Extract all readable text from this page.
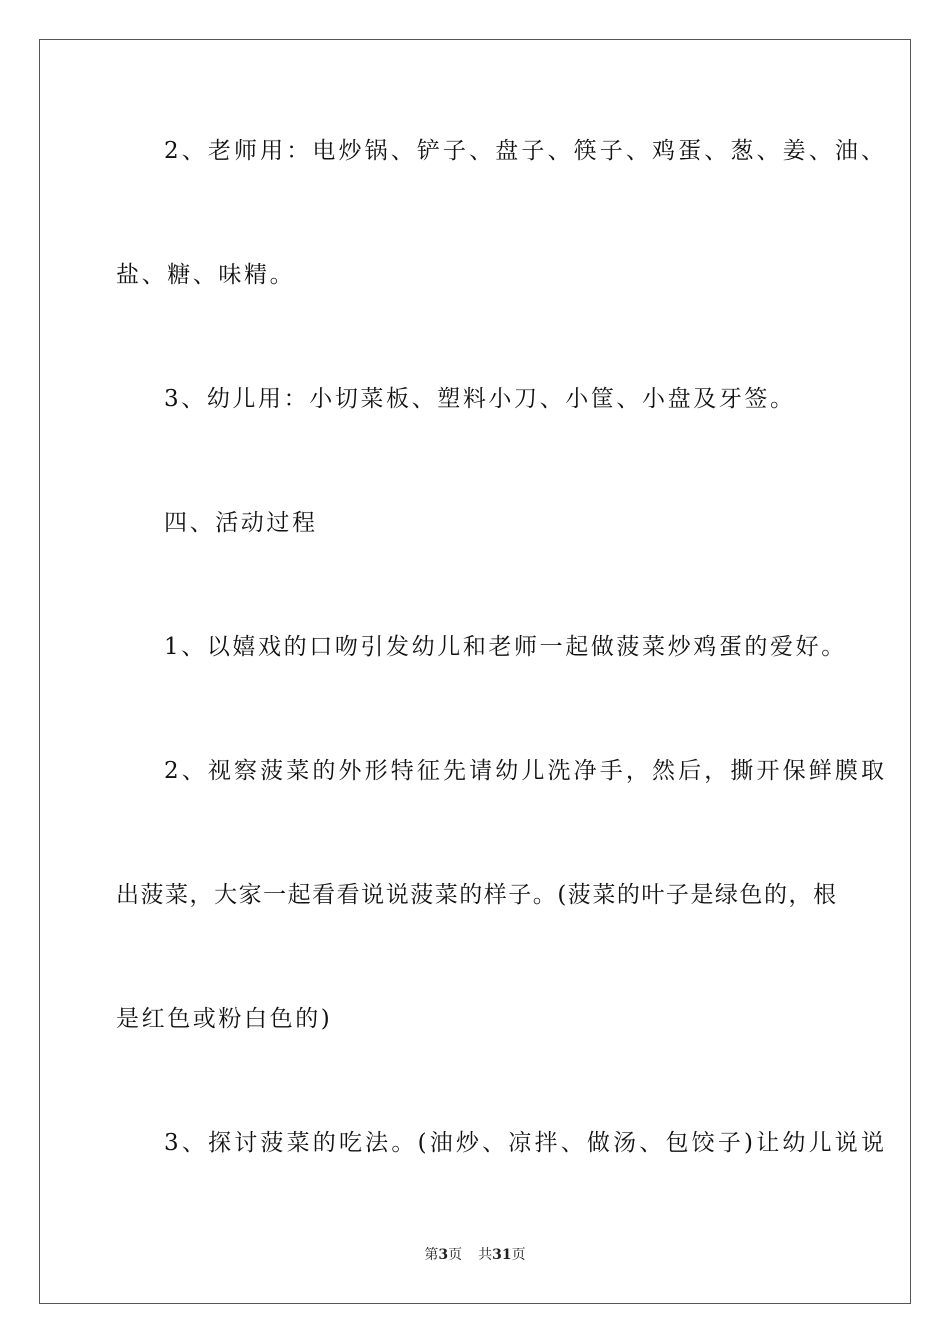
2、老师用：电炒锅、铲子、盘子、筷子、鸡蛋、葱、姜、油、
盐、糖、味精。
3、幼儿用：小切菜板、塑料小刀、小筐、小盘及牙签。
四、活动过程
1、以嬉戏的口吻引发幼儿和老师一起做菠菜炒鸡蛋的爱好。
2、视察菠菜的外形特征先请幼儿洗净手，然后，撕开保鲜膜取
出菠菜，大家一起看看说说菠菜的样子。(菠菜的叶子是绿色的，根
是红色或粉白色的)
3、探讨菠菜的吃法。(油炒、凉拌、做汤、包饺子)让幼儿说说
第3页 共31页
